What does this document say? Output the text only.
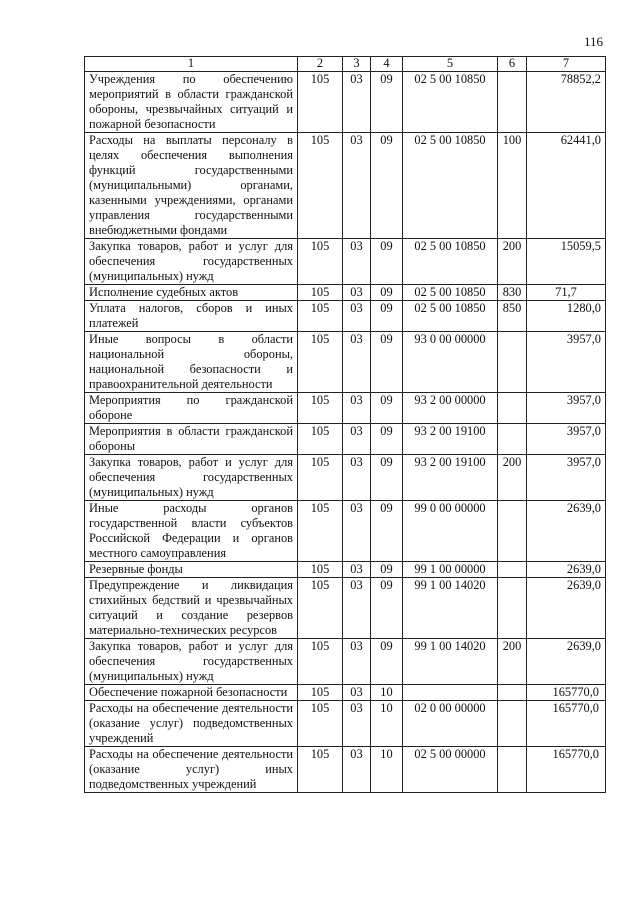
116
1	2	3	4	5	6	7
Учреждения по обеспечению мероприятий в области гражданской обороны, чрезвычайных ситуаций и пожарной безопасности	105	03	09	02 5 00 10850		78852,2
Расходы на выплаты персоналу в целях обеспечения выполнения функций государственными (муниципальными) органами, казенными учреждениями, органами управления государственными внебюджетными фондами	105	03	09	02 5 00 10850	100	62441,0
Закупка товаров, работ и услуг для обеспечения государственных (муниципальных) нужд	105	03	09	02 5 00 10850	200	15059,5
Исполнение судебных актов	105	03	09	02 5 00 10850	830	71,7
Уплата налогов, сборов и иных платежей	105	03	09	02 5 00 10850	850	1280,0
Иные вопросы в области национальной обороны, национальной безопасности и правоохранительной деятельности	105	03	09	93 0 00 00000		3957,0
Мероприятия по гражданской обороне	105	03	09	93 2 00 00000		3957,0
Мероприятия в области гражданской обороны	105	03	09	93 2 00 19100		3957,0
Закупка товаров, работ и услуг для обеспечения государственных (муниципальных) нужд	105	03	09	93 2 00 19100	200	3957,0
Иные расходы органов государственной власти субъектов Российской Федерации и органов местного самоуправления	105	03	09	99 0 00 00000		2639,0
Резервные фонды	105	03	09	99 1 00 00000		2639,0
Предупреждение и ликвидация стихийных бедствий и чрезвычайных ситуаций и создание резервов материально-технических ресурсов	105	03	09	99 1 00 14020		2639,0
Закупка товаров, работ и услуг для обеспечения государственных (муниципальных) нужд	105	03	09	99 1 00 14020	200	2639,0
Обеспечение пожарной безопасности	105	03	10			165770,0
Расходы на обеспечение деятельности (оказание услуг) подведомственных учреждений	105	03	10	02 0 00 00000		165770,0
Расходы на обеспечение деятельности (оказание услуг) иных подведомственных учреждений	105	03	10	02 5 00 00000		165770,0
